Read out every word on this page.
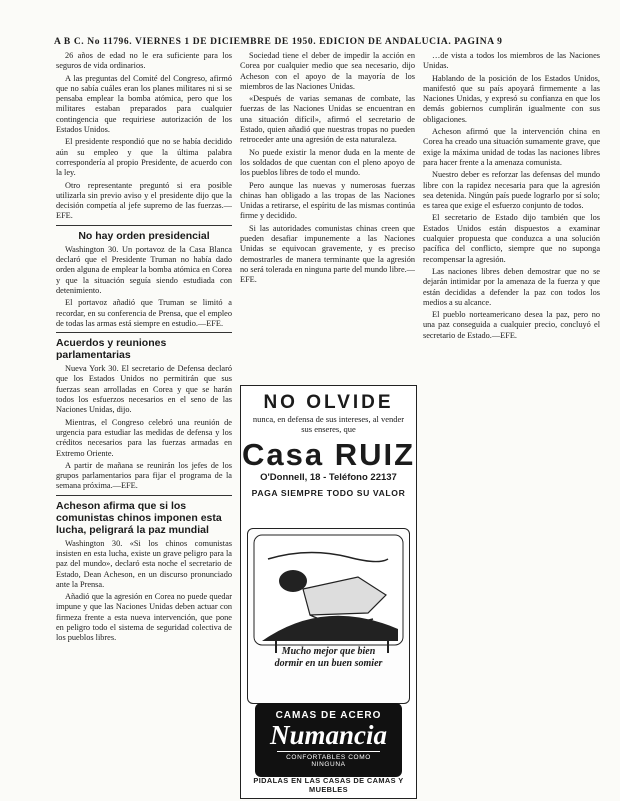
A B C. No 11796. VIERNES 1 DE DICIEMBRE DE 1950. EDICION DE ANDALUCIA. PAGINA 9

26 años de edad no le era suficiente para los seguros de vida ordinarios.

A las preguntas del Comité del Congreso, afirmó que no sabía cuáles eran los planes militares ni si se pensaba emplear la bomba atómica, pero que los militares estaban preparados para cualquier contingencia que requiriese autorización de los Estados Unidos.

El presidente respondió que no se había decidido aún su empleo y que la última palabra correspondería al propio Presidente, de acuerdo con la ley.

Otro representante preguntó si era posible utilizarla sin previo aviso y el presidente dijo que la decisión competía al jefe supremo de las fuerzas.—EFE.

No hay orden presidencial

Washington 30. Un portavoz de la Casa Blanca declaró que el Presidente Truman no había dado orden alguna de emplear la bomba atómica en Corea y que la situación seguía siendo estudiada con detenimiento.

El portavoz añadió que Truman se limitó a recordar, en su conferencia de Prensa, que el empleo de todas las armas está siempre en estudio.—EFE.

Acuerdos y reuniones parlamentarias

Nueva York 30. El secretario de Defensa declaró que los Estados Unidos no permitirán que sus fuerzas sean arrolladas en Corea y que se harán todos los esfuerzos necesarios en el seno de las Naciones Unidas, dijo.

Mientras, el Congreso celebró una reunión de urgencia para estudiar las medidas de defensa y los créditos necesarios para las fuerzas armadas en Extremo Oriente.

A partir de mañana se reunirán los jefes de los grupos parlamentarios para fijar el programa de la semana próxima.—EFE.

Acheson afirma que si los comunistas chinos imponen esta lucha, peligrará la paz mundial

Washington 30. «Si los chinos comunistas insisten en esta lucha, existe un grave peligro para la paz del mundo», declaró esta noche el secretario de Estado, Dean Acheson, en un discurso pronunciado ante la Prensa.

Añadió que la agresión en Corea no puede quedar impune y que las Naciones Unidas deben actuar con firmeza frente a esta nueva intervención, que pone en peligro todo el sistema de seguridad colectiva de los pueblos libres.

Sociedad tiene el deber de impedir la acción en Corea por cualquier medio que sea necesario, dijo Acheson con el apoyo de la mayoría de los miembros de las Naciones Unidas.

«Después de varias semanas de combate, las fuerzas de las Naciones Unidas se encuentran en una situación difícil», afirmó el secretario de Estado, quien añadió que nuestras tropas no pueden retroceder ante una agresión de esta naturaleza.

No puede existir la menor duda en la mente de los soldados de que cuentan con el pleno apoyo de los pueblos libres de todo el mundo.

Pero aunque las nuevas y numerosas fuerzas chinas han obligado a las tropas de las Naciones Unidas a retirarse, el espíritu de las mismas continúa firme y decidido.

Si las autoridades comunistas chinas creen que pueden desafiar impunemente a las Naciones Unidas se equivocan gravemente, y es preciso demostrarles de manera terminante que la agresión no será tolerada en ninguna parte del mundo libre.—EFE.

NO OLVIDE
nunca, en defensa de sus intereses, al vender sus enseres, que
Casa RUIZ
O'Donnell, 18 - Teléfono 22137
PAGA SIEMPRE TODO SU VALOR
Mucho mejor que bien
dormir en un buen somier
CAMAS DE ACERO
Numancia
CONFORTABLES COMO NINGUNA
PIDALAS EN LAS CASAS DE CAMAS Y MUEBLES

…de vista a todos los miembros de las Naciones Unidas.

Hablando de la posición de los Estados Unidos, manifestó que su país apoyará firmemente a las Naciones Unidas, y expresó su confianza en que los demás gobiernos cumplirán igualmente con sus obligaciones.

Acheson afirmó que la intervención china en Corea ha creado una situación sumamente grave, que exige la máxima unidad de todas las naciones libres para hacer frente a la amenaza comunista.

Nuestro deber es reforzar las defensas del mundo libre con la rapidez necesaria para que la agresión sea detenida. Ningún país puede lograrlo por sí solo; es tarea que exige el esfuerzo conjunto de todos.

El secretario de Estado dijo también que los Estados Unidos están dispuestos a examinar cualquier propuesta que conduzca a una solución pacífica del conflicto, siempre que no suponga recompensar la agresión.

Las naciones libres deben demostrar que no se dejarán intimidar por la amenaza de la fuerza y que están decididas a defender la paz con todos los medios a su alcance.

El pueblo norteamericano desea la paz, pero no una paz conseguida a cualquier precio, concluyó el secretario de Estado.—EFE.
